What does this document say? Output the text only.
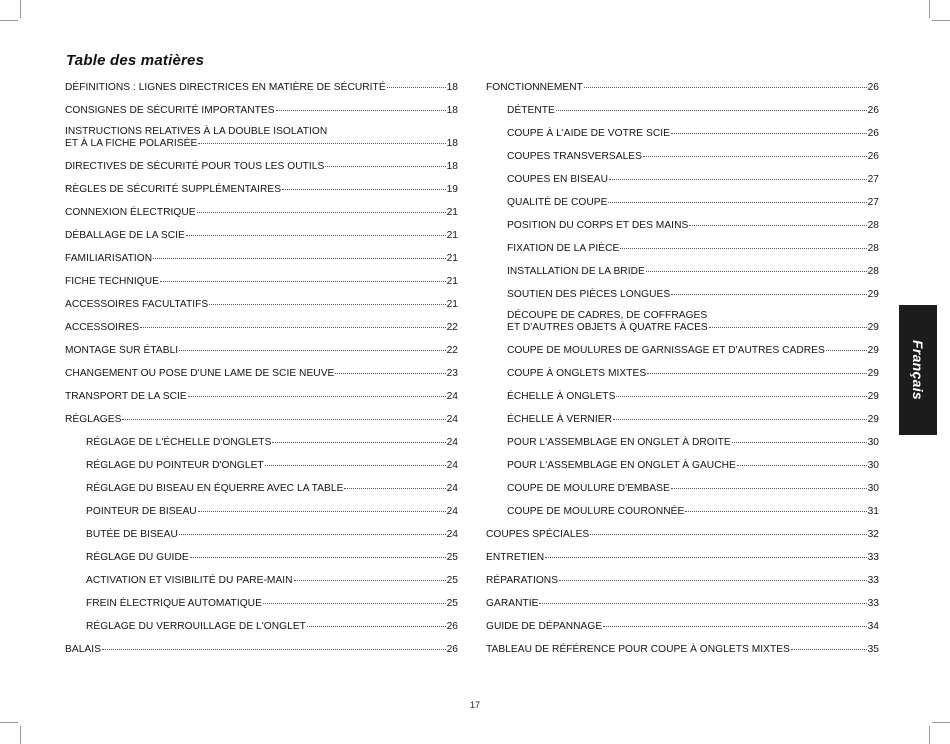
Table des matières
DÉFINITIONS : LIGNES DIRECTRICES EN MATIÈRE DE SÉCURITÉ	18
CONSIGNES DE SÉCURITÉ IMPORTANTES	18
INSTRUCTIONS RELATIVES À LA DOUBLE ISOLATION
ET À LA FICHE POLARISÉE	18
DIRECTIVES DE SÉCURITÉ POUR TOUS LES OUTILS	18
RÈGLES DE SÉCURITÉ SUPPLÉMENTAIRES	19
CONNEXION ÉLECTRIQUE	21
DÉBALLAGE DE LA SCIE	21
FAMILIARISATION	21
FICHE TECHNIQUE	21
ACCESSOIRES FACULTATIFS	21
ACCESSOIRES	22
MONTAGE SUR ÉTABLI	22
CHANGEMENT OU POSE D'UNE LAME DE SCIE NEUVE	23
TRANSPORT DE LA SCIE	24
RÉGLAGES	24
RÉGLAGE DE L'ÉCHELLE D'ONGLETS	24
RÉGLAGE DU POINTEUR D'ONGLET	24
RÉGLAGE DU BISEAU EN ÉQUERRE AVEC LA TABLE	24
POINTEUR DE BISEAU	24
BUTÉE DE BISEAU	24
RÉGLAGE DU GUIDE	25
ACTIVATION ET VISIBILITÉ DU PARE-MAIN	25
FREIN ÉLECTRIQUE AUTOMATIQUE	25
RÉGLAGE DU VERROUILLAGE DE L'ONGLET	26
BALAIS	26
FONCTIONNEMENT	26
DÉTENTE	26
COUPE À L'AIDE DE VOTRE SCIE	26
COUPES TRANSVERSALES	26
COUPES EN BISEAU	27
QUALITÉ DE COUPE	27
POSITION DU CORPS ET DES MAINS	28
FIXATION DE LA PIÈCE	28
INSTALLATION DE LA BRIDE	28
SOUTIEN DES PIÈCES LONGUES	29
DÉCOUPE DE CADRES, DE COFFRAGES
ET D'AUTRES OBJETS À QUATRE FACES	29
COUPE DE MOULURES DE GARNISSAGE ET D'AUTRES CADRES	29
COUPE À ONGLETS MIXTES	29
ÉCHELLE À ONGLETS	29
ÉCHELLE À VERNIER	29
POUR L'ASSEMBLAGE EN ONGLET À DROITE	30
POUR L'ASSEMBLAGE EN ONGLET À GAUCHE	30
COUPE DE MOULURE D'EMBASE	30
COUPE DE MOULURE COURONNÉE	31
COUPES SPÉCIALES	32
ENTRETIEN	33
RÉPARATIONS	33
GARANTIE	33
GUIDE DE DÉPANNAGE	34
TABLEAU DE RÉFÉRENCE POUR COUPE À ONGLETS MIXTES	35
Français
17
